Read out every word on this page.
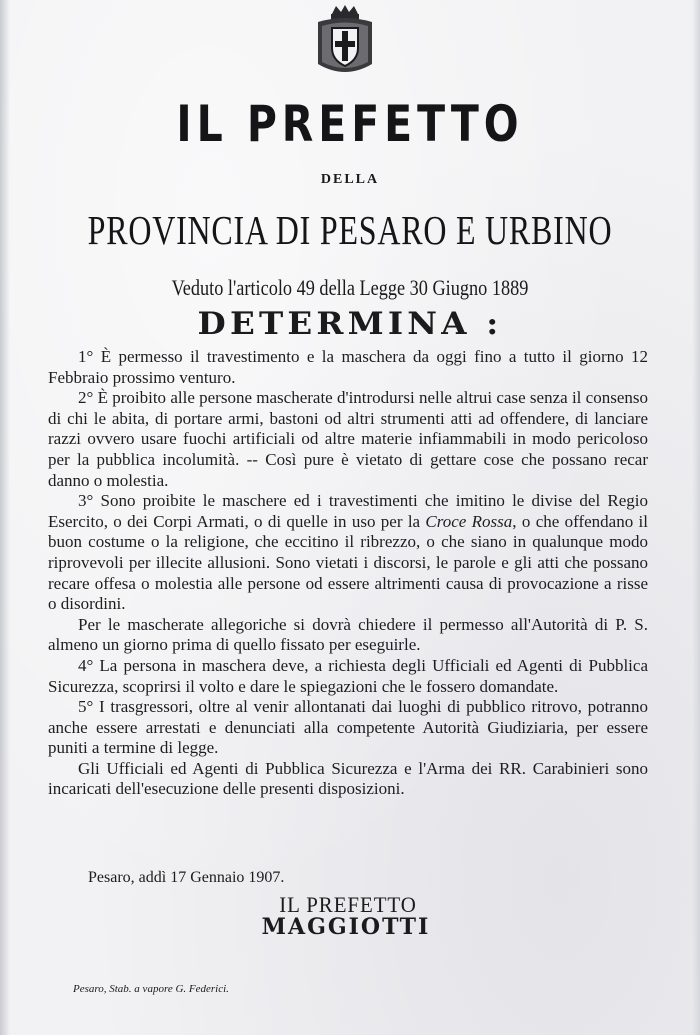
IL PREFETTO
DELLA
PROVINCIA DI PESARO E URBINO
Veduto l'articolo 49 della Legge 30 Giugno 1889
DETERMINA :

1° È permesso il travestimento e la maschera da oggi fino a tutto il giorno 12 Febbraio prossimo venturo.

2° È proibito alle persone mascherate d'introdursi nelle altrui case senza il consenso di chi le abita, di portare armi, bastoni od altri strumenti atti ad offendere, di lanciare razzi ovvero usare fuochi artificiali od altre materie infiammabili in modo pericoloso per la pubblica incolumità. -- Così pure è vietato di gettare cose che possano recar danno o molestia.

3° Sono proibite le maschere ed i travestimenti che imitino le divise del Regio Esercito, o dei Corpi Armati, o di quelle in uso per la Croce Rossa, o che offendano il buon costume o la religione, che eccitino il ribrezzo, o che siano in qualunque modo riprovevoli per illecite allusioni. Sono vietati i discorsi, le parole e gli atti che possano recare offesa o molestia alle persone od essere altrimenti causa di provocazione a risse o disordini.

Per le mascherate allegoriche si dovrà chiedere il permesso all'Autorità di P. S. almeno un giorno prima di quello fissato per eseguirle.

4° La persona in maschera deve, a richiesta degli Ufficiali ed Agenti di Pubblica Sicurezza, scoprirsi il volto e dare le spiegazioni che le fossero domandate.

5° I trasgressori, oltre al venir allontanati dai luoghi di pubblico ritrovo, potranno anche essere arrestati e denunciati alla competente Autorità Giudiziaria, per essere puniti a termine di legge.

Gli Ufficiali ed Agenti di Pubblica Sicurezza e l'Arma dei RR. Carabinieri sono incaricati dell'esecuzione delle presenti disposizioni.

Pesaro, addì 17 Gennaio 1907.
IL PREFETTO
MAGGIOTTI
Pesaro, Stab. a vapore G. Federici.
